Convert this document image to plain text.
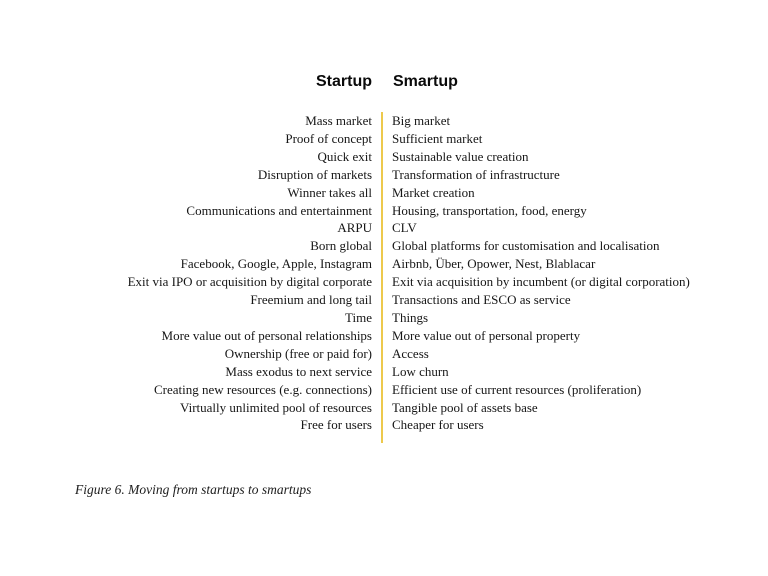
Startup	Smartup
Mass market	Big market
Proof of concept	Sufficient market
Quick exit	Sustainable value creation
Disruption of markets	Transformation of infrastructure
Winner takes all	Market creation
Communications and entertainment	Housing, transportation, food, energy
ARPU	CLV
Born global	Global platforms for customisation and localisation
Facebook, Google, Apple, Instagram	Airbnb, Über, Opower, Nest, Blablacar
Exit via IPO or acquisition by digital corporate	Exit via acquisition by incumbent (or digital corporation)
Freemium and long tail	Transactions and ESCO as service
Time	Things
More value out of personal relationships	More value out of personal property
Ownership (free or paid for)	Access
Mass exodus to next service	Low churn
Creating new resources (e.g. connections)	Efficient use of current resources (proliferation)
Virtually unlimited pool of resources	Tangible pool of assets base
Free for users	Cheaper for users
Figure 6. Moving from startups to smartups
